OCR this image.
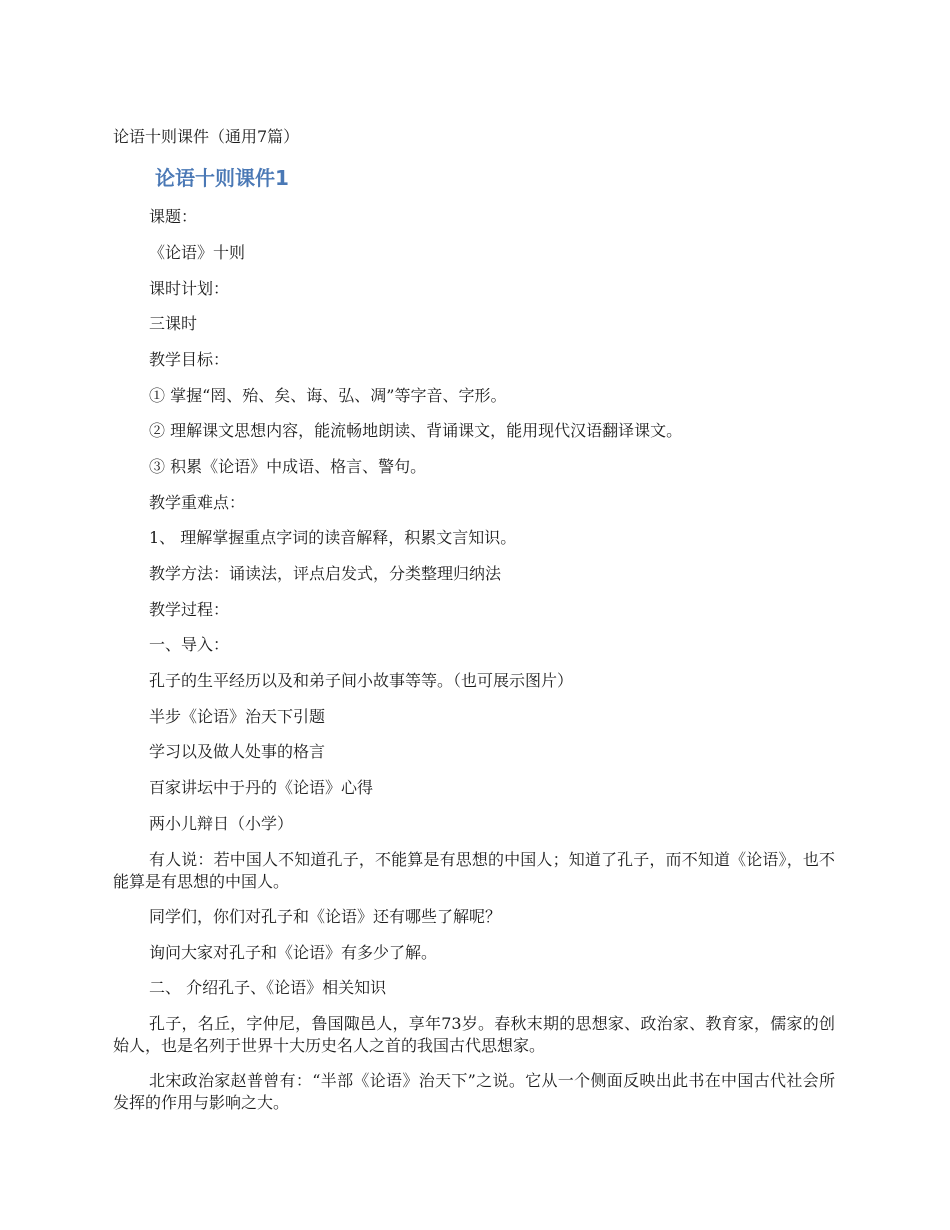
论语十则课件（通用7篇）

论语十则课件1

课题：

《论语》十则

课时计划：

三课时

教学目标：

① 掌握“罔、殆、矣、诲、弘、凋”等字音、字形。

② 理解课文思想内容，能流畅地朗读、背诵课文，能用现代汉语翻译课文。

③ 积累《论语》中成语、格言、警句。

教学重难点：

1、 理解掌握重点字词的读音解释，积累文言知识。

教学方法：诵读法，评点启发式，分类整理归纳法

教学过程：

一、导入：

孔子的生平经历以及和弟子间小故事等等。（也可展示图片）

半步《论语》治天下引题

学习以及做人处事的格言

百家讲坛中于丹的《论语》心得

两小儿辩日（小学）

有人说：若中国人不知道孔子，不能算是有思想的中国人；知道了孔子，而不知道《论语》，也不能算是有思想的中国人。

同学们，你们对孔子和《论语》还有哪些了解呢？

询问大家对孔子和《论语》有多少了解。

二、 介绍孔子、《论语》相关知识

孔子，名丘，字仲尼，鲁国陬邑人，享年73岁。春秋末期的思想家、政治家、教育家，儒家的创始人，也是名列于世界十大历史名人之首的我国古代思想家。

北宋政治家赵普曾有：“半部《论语》治天下”之说。它从一个侧面反映出此书在中国古代社会所发挥的作用与影响之大。
